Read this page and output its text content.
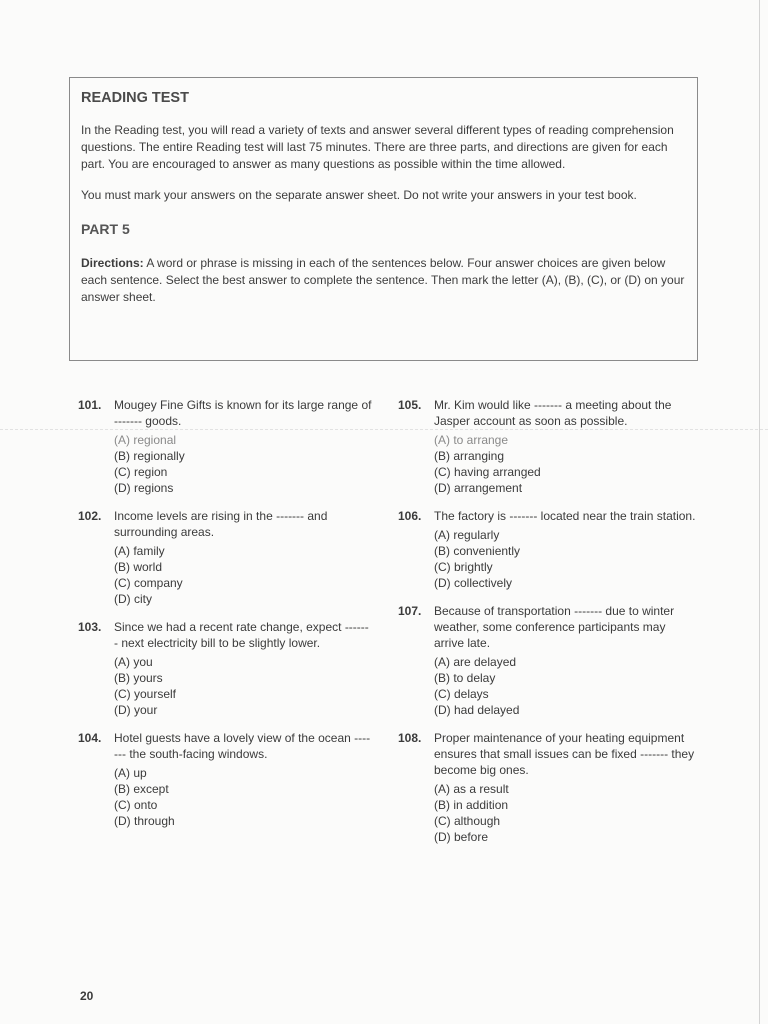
READING TEST

In the Reading test, you will read a variety of texts and answer several different types of reading comprehension questions. The entire Reading test will last 75 minutes. There are three parts, and directions are given for each part. You are encouraged to answer as many questions as possible within the time allowed.

You must mark your answers on the separate answer sheet. Do not write your answers in your test book.

PART 5

Directions: A word or phrase is missing in each of the sentences below. Four answer choices are given below each sentence. Select the best answer to complete the sentence. Then mark the letter (A), (B), (C), or (D) on your answer sheet.

101.	Mougey Fine Gifts is known for its large range of ------- goods.
(A) regional
(B) regionally
(C) region
(D) regions
102.	Income levels are rising in the ------- and surrounding areas.
(A) family
(B) world
(C) company
(D) city
103.	Since we had a recent rate change, expect ------- next electricity bill to be slightly lower.
(A) you
(B) yours
(C) yourself
(D) your
104.	Hotel guests have a lovely view of the ocean ------- the south-facing windows.
(A) up
(B) except
(C) onto
(D) through
105.	Mr. Kim would like ------- a meeting about the Jasper account as soon as possible.
(A) to arrange
(B) arranging
(C) having arranged
(D) arrangement
106.	The factory is ------- located near the train station.
(A) regularly
(B) conveniently
(C) brightly
(D) collectively
107.	Because of transportation ------- due to winter weather, some conference participants may arrive late.
(A) are delayed
(B) to delay
(C) delays
(D) had delayed
108.	Proper maintenance of your heating equipment ensures that small issues can be fixed ------- they become big ones.
(A) as a result
(B) in addition
(C) although
(D) before
20
